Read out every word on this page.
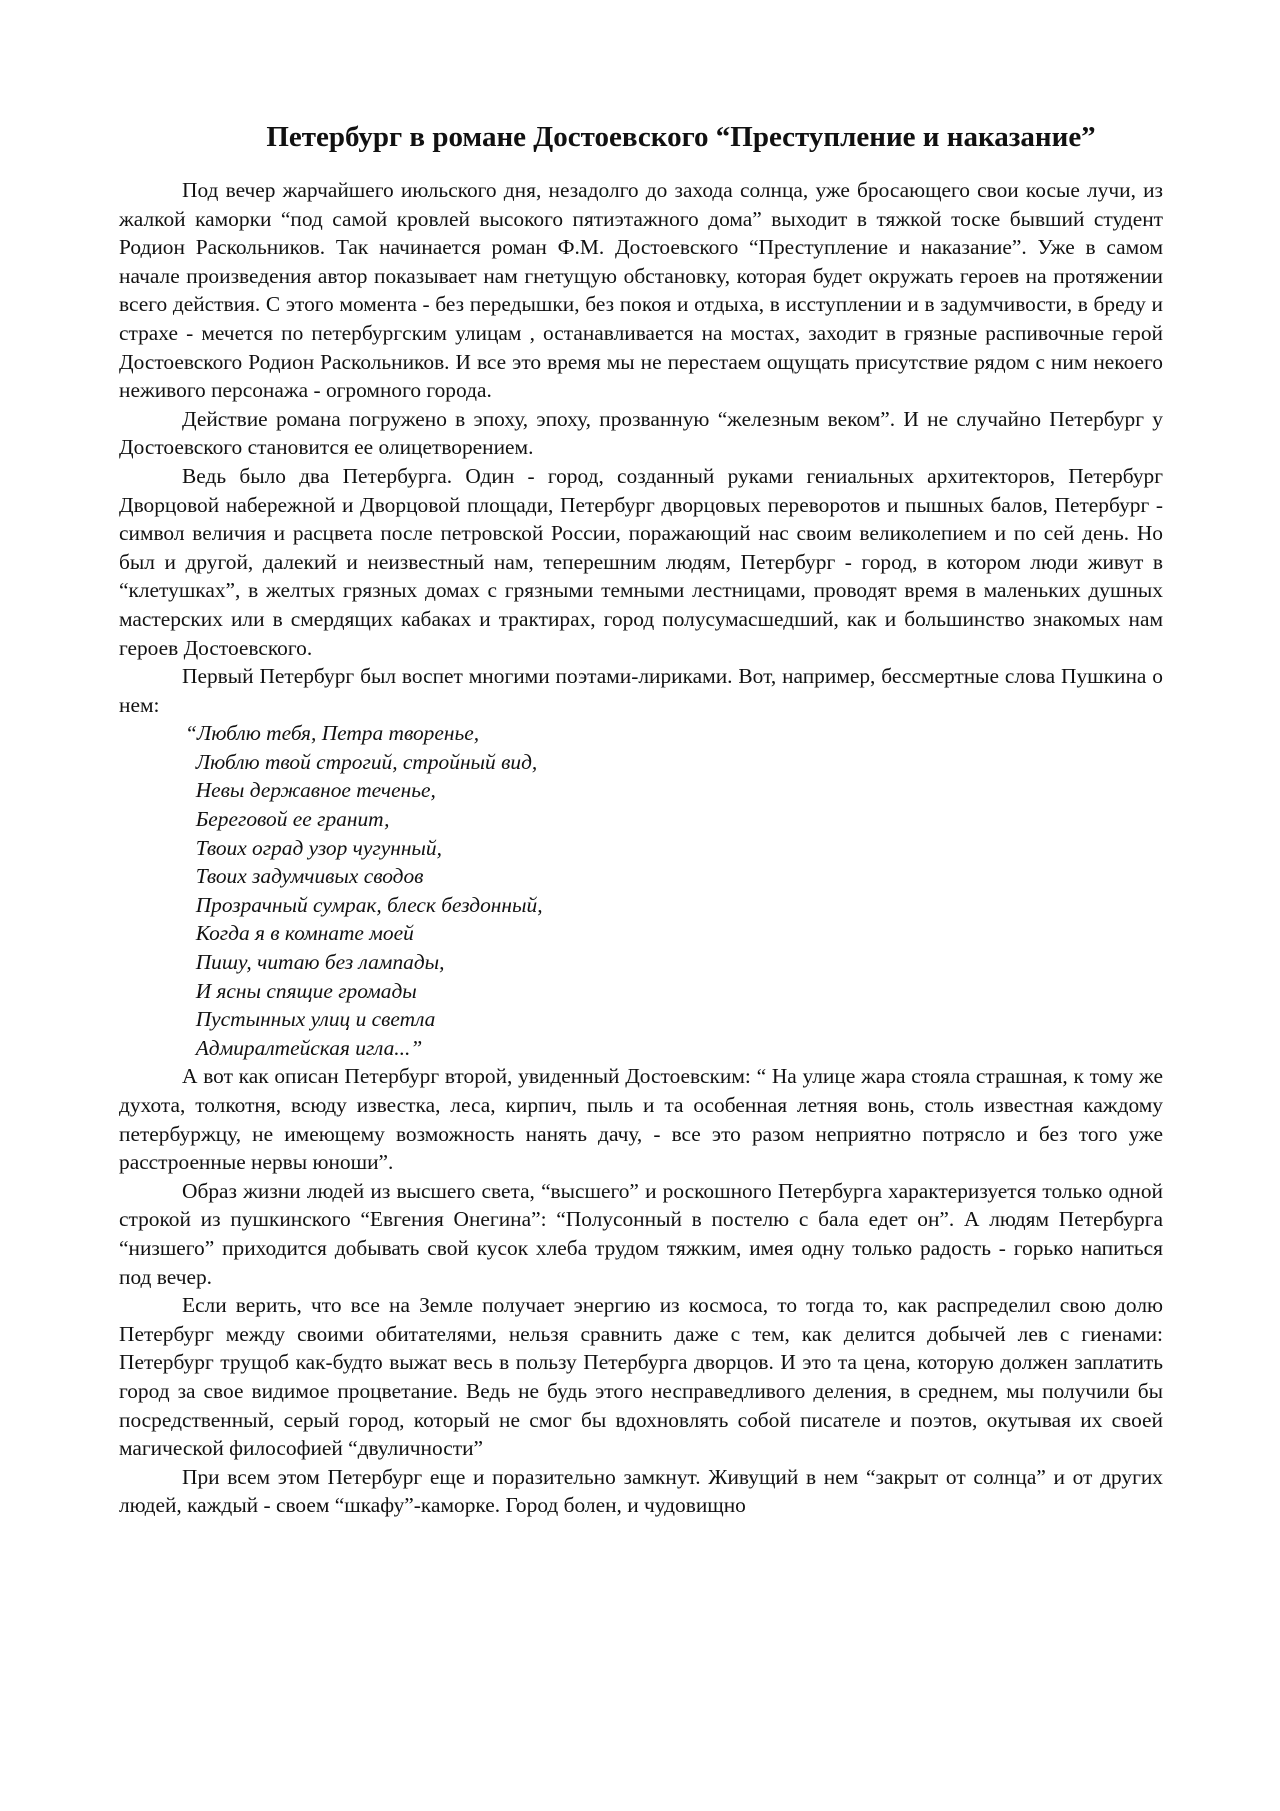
Петербург в романе Достоевского “Преступление и наказание”

Под вечер жарчайшего июльского дня, незадолго до захода солнца, уже бросающего свои косые лучи, из жалкой каморки “под самой кровлей высокого пятиэтажного дома” выходит в тяжкой тоске бывший студент Родион Раскольников. Так начинается роман Ф.М. Достоевского “Преступление и наказание”. Уже в самом начале произведения автор показывает нам гнетущую обстановку, которая будет окружать героев на протяжении всего действия. С этого момента - без передышки, без покоя и отдыха, в исступлении и в задумчивости, в бреду и страхе - мечется по петербургским улицам , останавливается на мостах, заходит в грязные распивочные герой Достоевского Родион Раскольников. И все это время мы не перестаем ощущать присутствие рядом с ним некоего неживого персонажа - огромного города.

Действие романа погружено в эпоху, эпоху, прозванную “железным веком”. И не случайно Петербург у Достоевского становится ее олицетворением.

Ведь было два Петербурга. Один - город, созданный руками гениальных архитекторов, Петербург Дворцовой набережной и Дворцовой площади, Петербург дворцовых переворотов и пышных балов, Петербург - символ величия и расцвета после петровской России, поражающий нас своим великолепием и по сей день. Но был и другой, далекий и неизвестный нам, теперешним людям, Петербург - город, в котором люди живут в “клетушках”, в желтых грязных домах с грязными темными лестницами, проводят время в маленьких душных мастерских или в смердящих кабаках и трактирах, город полусумасшедший, как и большинство знакомых нам героев Достоевского.

Первый Петербург был воспет многими поэтами-лириками. Вот, например, бессмертные слова Пушкина о нем:

“Люблю тебя, Петра творенье,
Люблю твой строгий, стройный вид,
Невы державное теченье,
Береговой ее гранит,
Твоих оград узор чугунный,
Твоих задумчивых сводов
Прозрачный сумрак, блеск бездонный,
Когда я в комнате моей
Пишу, читаю без лампады,
И ясны спящие громады
Пустынных улиц и светла
Адмиралтейская игла...”

А вот как описан Петербург второй, увиденный Достоевским: “ На улице жара стояла страшная, к тому же духота, толкотня, всюду известка, леса, кирпич, пыль и та особенная летняя вонь, столь известная каждому петербуржцу, не имеющему возможность нанять дачу, - все это разом неприятно потрясло и без того уже расстроенные нервы юноши”.

Образ жизни людей из высшего света, “высшего” и роскошного Петербурга характеризуется только одной строкой из пушкинского “Евгения Онегина”: “Полусонный в постелю с бала едет он”. А людям Петербурга “низшего” приходится добывать свой кусок хлеба трудом тяжким, имея одну только радость - горько напиться под вечер.

Если верить, что все на Земле получает энергию из космоса, то тогда то, как распределил свою долю Петербург между своими обитателями, нельзя сравнить даже с тем, как делится добычей лев с гиенами: Петербург трущоб как-будто выжат весь в пользу Петербурга дворцов. И это та цена, которую должен заплатить город за свое видимое процветание. Ведь не будь этого несправедливого деления, в среднем, мы получили бы посредственный, серый город, который не смог бы вдохновлять собой писателе и поэтов, окутывая их своей магической философией “двуличности”

При всем этом Петербург еще и поразительно замкнут. Живущий в нем “закрыт от солнца” и от других людей, каждый - своем “шкафу”-каморке. Город болен, и чудовищно
